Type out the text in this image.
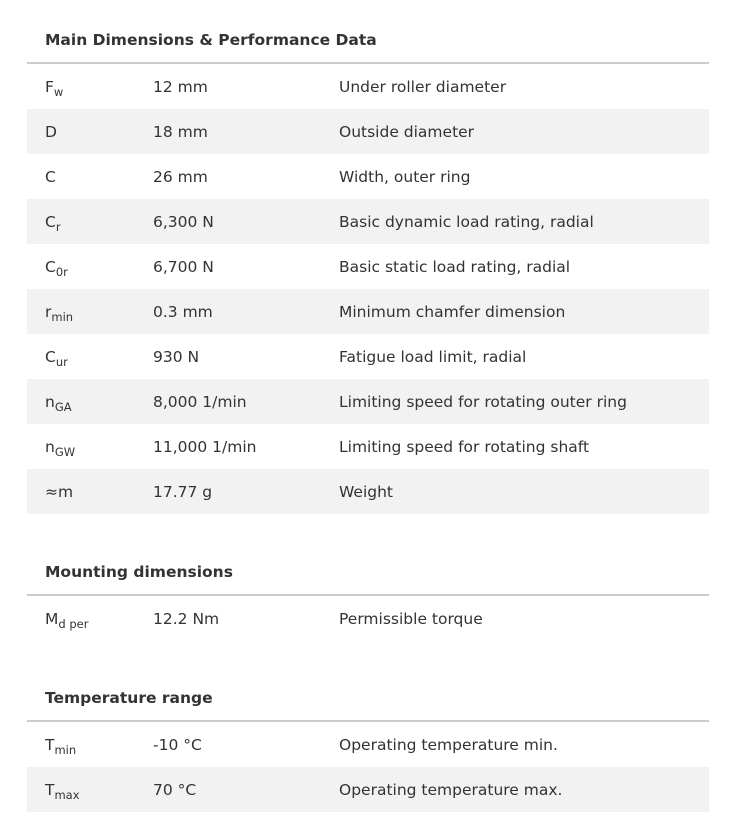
Main Dimensions & Performance Data
$F_w$	12 mm	Under roller diameter
D	18 mm	Outside diameter
C	26 mm	Width, outer ring
$C_r$	6,300 N	Basic dynamic load rating, radial
$C_{0r}$	6,700 N	Basic static load rating, radial
$r_{min}$	0.3 mm	Minimum chamfer dimension
$C_{ur}$	930 N	Fatigue load limit, radial
$n_{GA}$	8,000 1/min	Limiting speed for rotating outer ring
$n_{GW}$	11,000 1/min	Limiting speed for rotating shaft
≈m	17.77 g	Weight
Mounting dimensions
$M_{d per}$	12.2 Nm	Permissible torque
Temperature range
$T_{min}$	-10 °C	Operating temperature min.
$T_{max}$	70 °C	Operating temperature max.
